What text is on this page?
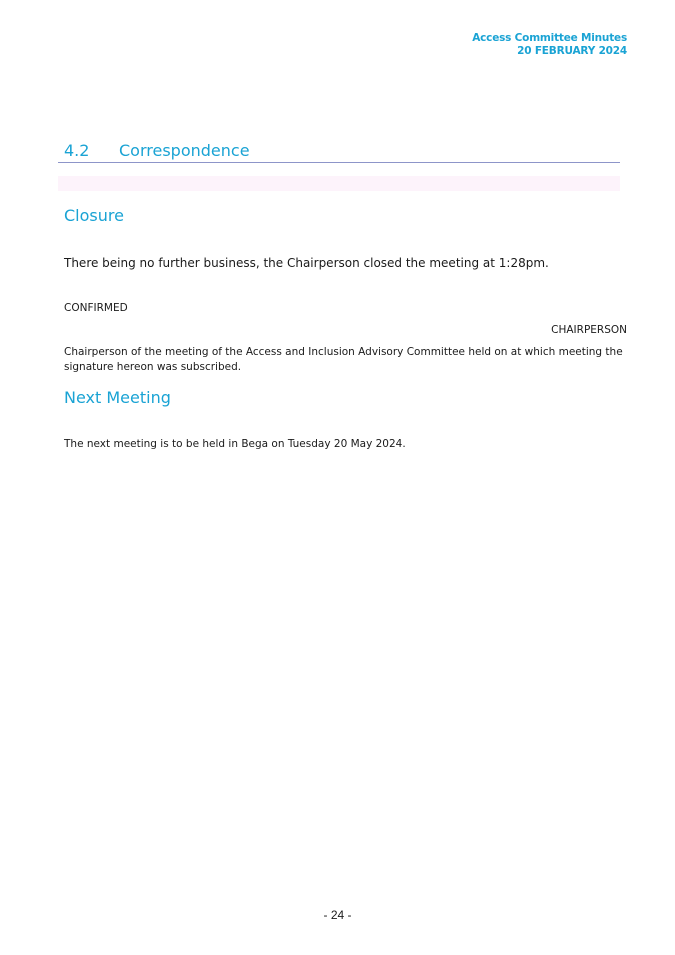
Access Committee Minutes
20 FEBRUARY 2024
4.2 Correspondence
Closure
There being no further business, the Chairperson closed the meeting at 1:28pm.
CONFIRMED
CHAIRPERSON
Chairperson of the meeting of the Access and Inclusion Advisory Committee held on at which meeting the signature hereon was subscribed.
Next Meeting
The next meeting is to be held in Bega on Tuesday 20 May 2024.
- 24 -
